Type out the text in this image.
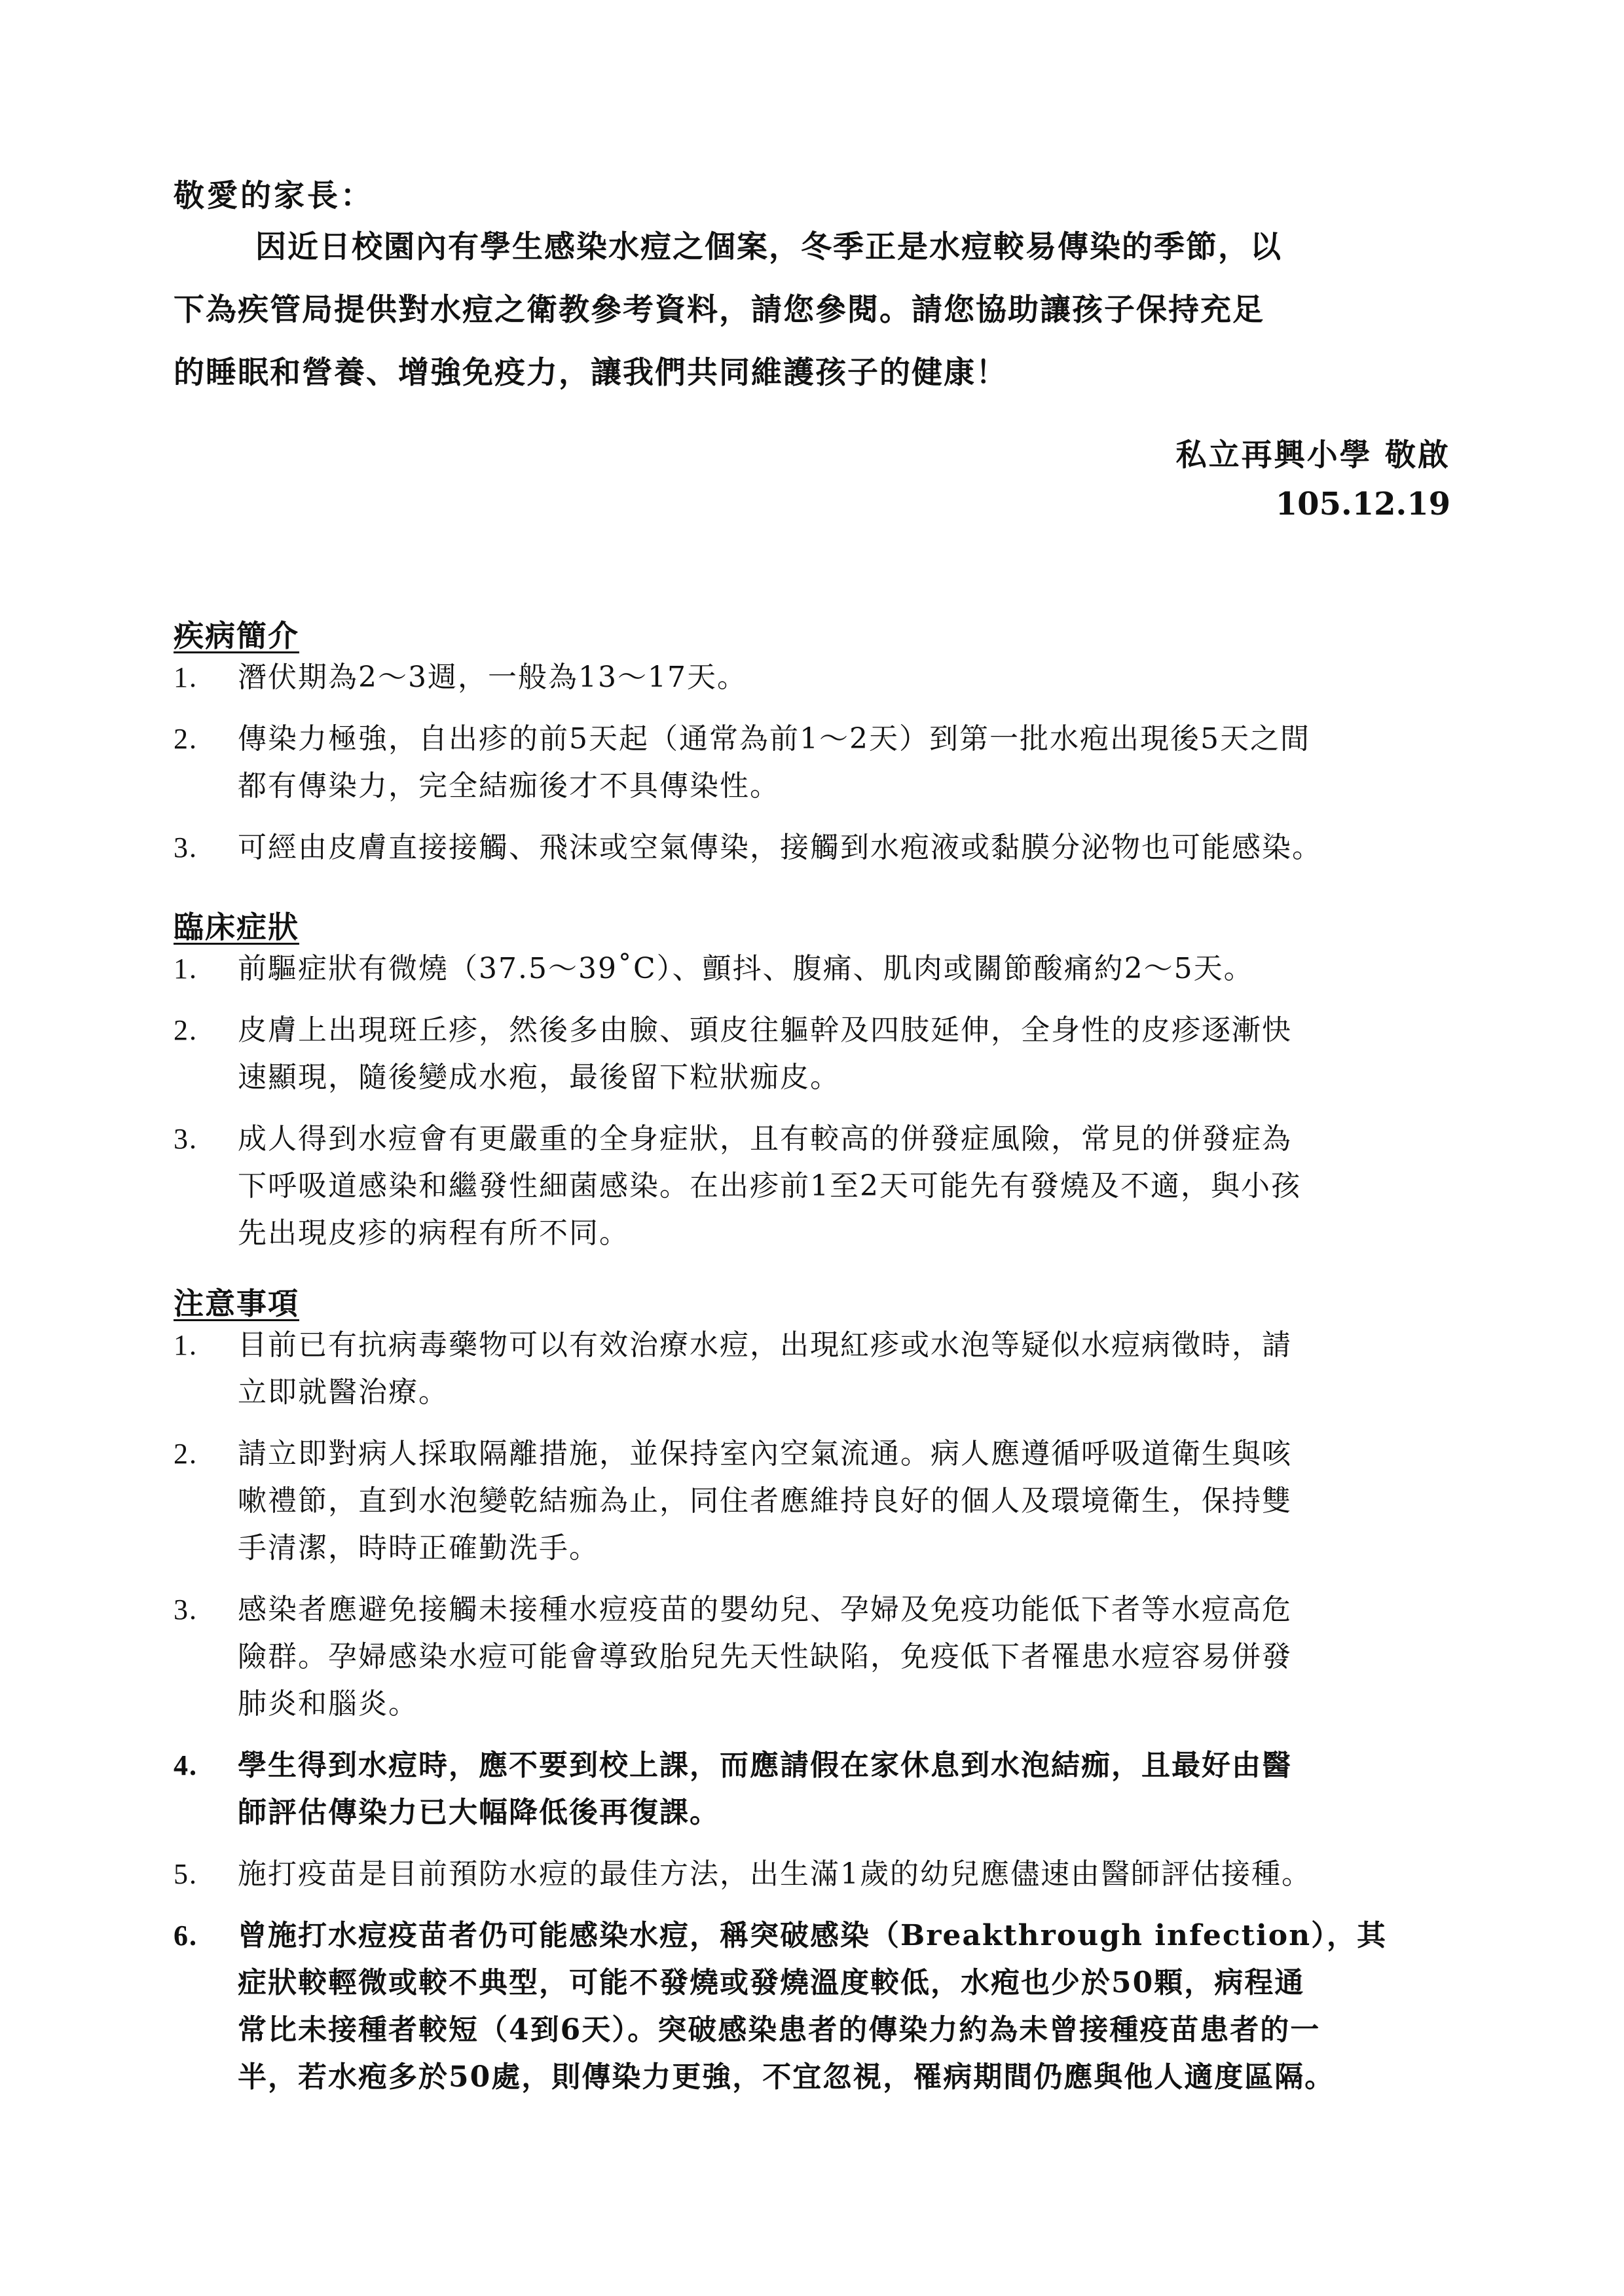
敬愛的家長：

因近日校園內有學生感染水痘之個案，冬季正是水痘較易傳染的季節，以

下為疾管局提供對水痘之衛教參考資料，請您參閱。請您協助讓孩子保持充足

的睡眠和營養、增強免疫力，讓我們共同維護孩子的健康！

私立再興小學 敬啟
105.12.19
疾病簡介
1.	潛伏期為2～3週，一般為13～17天。
2.	傳染力極強，自出疹的前5天起（通常為前1～2天）到第一批水疱出現後5天之間
都有傳染力，完全結痂後才不具傳染性。
3.	可經由皮膚直接接觸、飛沫或空氣傳染，接觸到水疱液或黏膜分泌物也可能感染。
臨床症狀
1.	前驅症狀有微燒（37.5～39˚C）、顫抖、腹痛、肌肉或關節酸痛約2～5天。
2.	皮膚上出現斑丘疹，然後多由臉、頭皮往軀幹及四肢延伸，全身性的皮疹逐漸快
速顯現，隨後變成水疱，最後留下粒狀痂皮。
3.	成人得到水痘會有更嚴重的全身症狀，且有較高的併發症風險，常見的併發症為
下呼吸道感染和繼發性細菌感染。在出疹前1至2天可能先有發燒及不適，與小孩
先出現皮疹的病程有所不同。
注意事項
1.	目前已有抗病毒藥物可以有效治療水痘，出現紅疹或水泡等疑似水痘病徵時，請
立即就醫治療。
2.	請立即對病人採取隔離措施，並保持室內空氣流通。病人應遵循呼吸道衛生與咳
嗽禮節，直到水泡變乾結痂為止，同住者應維持良好的個人及環境衛生，保持雙
手清潔，時時正確勤洗手。
3.	感染者應避免接觸未接種水痘疫苗的嬰幼兒、孕婦及免疫功能低下者等水痘高危
險群。孕婦感染水痘可能會導致胎兒先天性缺陷，免疫低下者罹患水痘容易併發
肺炎和腦炎。
4.	學生得到水痘時，應不要到校上課，而應請假在家休息到水泡結痂，且最好由醫
師評估傳染力已大幅降低後再復課。
5.	施打疫苗是目前預防水痘的最佳方法，出生滿1歲的幼兒應儘速由醫師評估接種。
6.	曾施打水痘疫苗者仍可能感染水痘，稱突破感染（Breakthrough infection），其
症狀較輕微或較不典型，可能不發燒或發燒溫度較低，水疱也少於50顆，病程通
常比未接種者較短（4到6天）。突破感染患者的傳染力約為未曾接種疫苗患者的一
半，若水疱多於50處，則傳染力更強，不宜忽視，罹病期間仍應與他人適度區隔。
